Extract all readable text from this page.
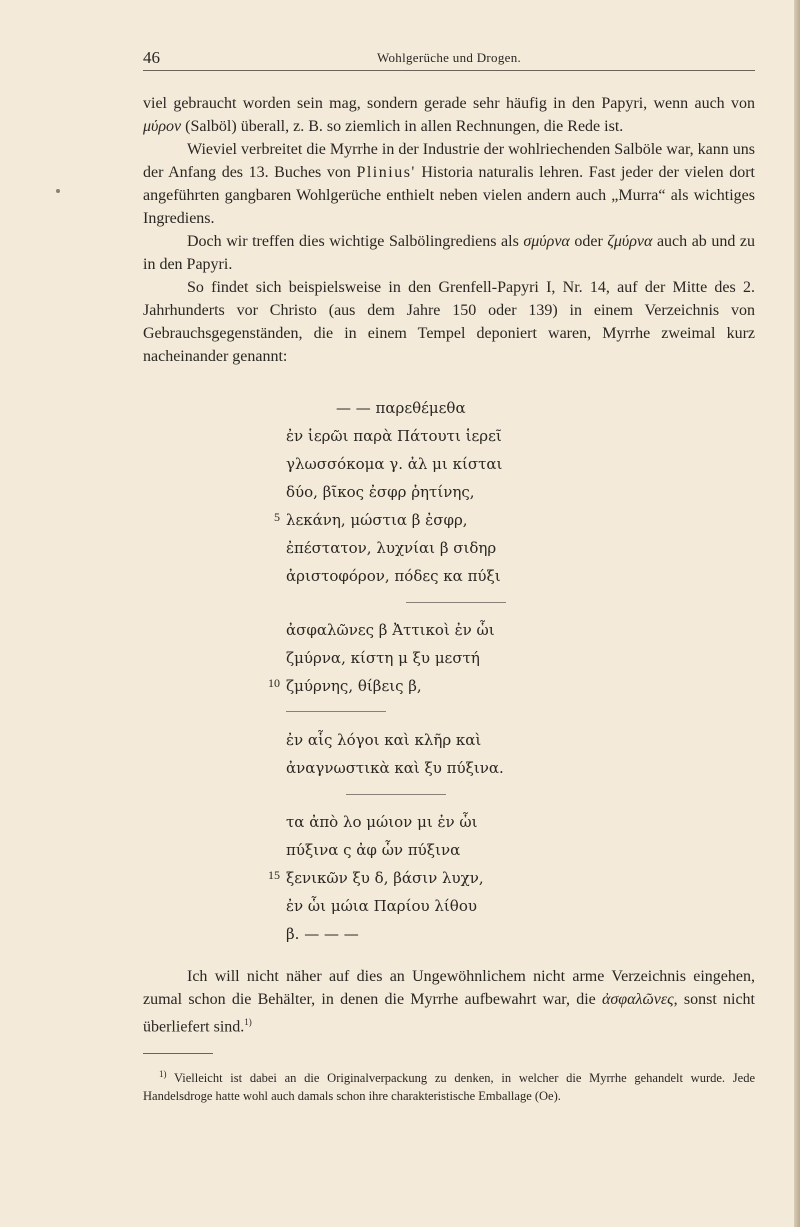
46	Wohlgerüche und Drogen.

viel gebraucht worden sein mag, sondern gerade sehr häufig in den Papyri, wenn auch von μύρον (Salböl) überall, z. B. so ziemlich in allen Rechnungen, die Rede ist.

Wieviel verbreitet die Myrrhe in der Industrie der wohlriechenden Salböle war, kann uns der Anfang des 13. Buches von Plinius' Historia naturalis lehren. Fast jeder der vielen dort angeführten gangbaren Wohlgerüche enthielt neben vielen andern auch „Murra“ als wichtiges Ingrediens.

Doch wir treffen dies wichtige Salbölingrediens als σμύρνα oder ζμύρνα auch ab und zu in den Papyri.

So findet sich beispielsweise in den Grenfell-Papyri I, Nr. 14, auf der Mitte des 2. Jahrhunderts vor Christo (aus dem Jahre 150 oder 139) in einem Verzeichnis von Gebrauchsgegenständen, die in einem Tempel deponiert waren, Myrrhe zweimal kurz nacheinander genannt:

— — παρεθέμεθα
ἐν ἱερῶι παρὰ Πάτουτι ἱερεῖ
γλωσσόκομα γ. ἀλ μι κίσται
δύο, βῖκος ἐσφρ ῥητίνης,
5 λεκάνη, μώστια β ἐσφρ,
ἐπέστατον, λυχνίαι β σιδηρ
ἀριστοφόρον, πόδες κα πύξι
ἀσφαλῶνες β Ἀττικοὶ ἐν ὧι
ζμύρνα, κίστη μ ξυ μεστή
10 ζμύρνης, θίβεις β,
ἐν αἷς λόγοι καὶ κλῆρ καὶ
ἀναγνωστικὰ καὶ ξυ πύξινα.
τα ἀπὸ λο μώιον μι ἐν ὧι
πύξινα ς ἀφ ὧν πύξινα
15 ξενικῶν ξυ δ, βάσιν λυχν,
ἐν ὧι μώια Παρίου λίθου
β. — — —

Ich will nicht näher auf dies an Ungewöhnlichem nicht arme Verzeichnis eingehen, zumal schon die Behälter, in denen die Myrrhe aufbewahrt war, die ἀσφαλῶνες, sonst nicht überliefert sind.$^{1)}$

$^{1)}$ Vielleicht ist dabei an die Originalverpackung zu denken, in welcher die Myrrhe gehandelt wurde. Jede Handelsdroge hatte wohl auch damals schon ihre charakteristische Emballage (Oe).
